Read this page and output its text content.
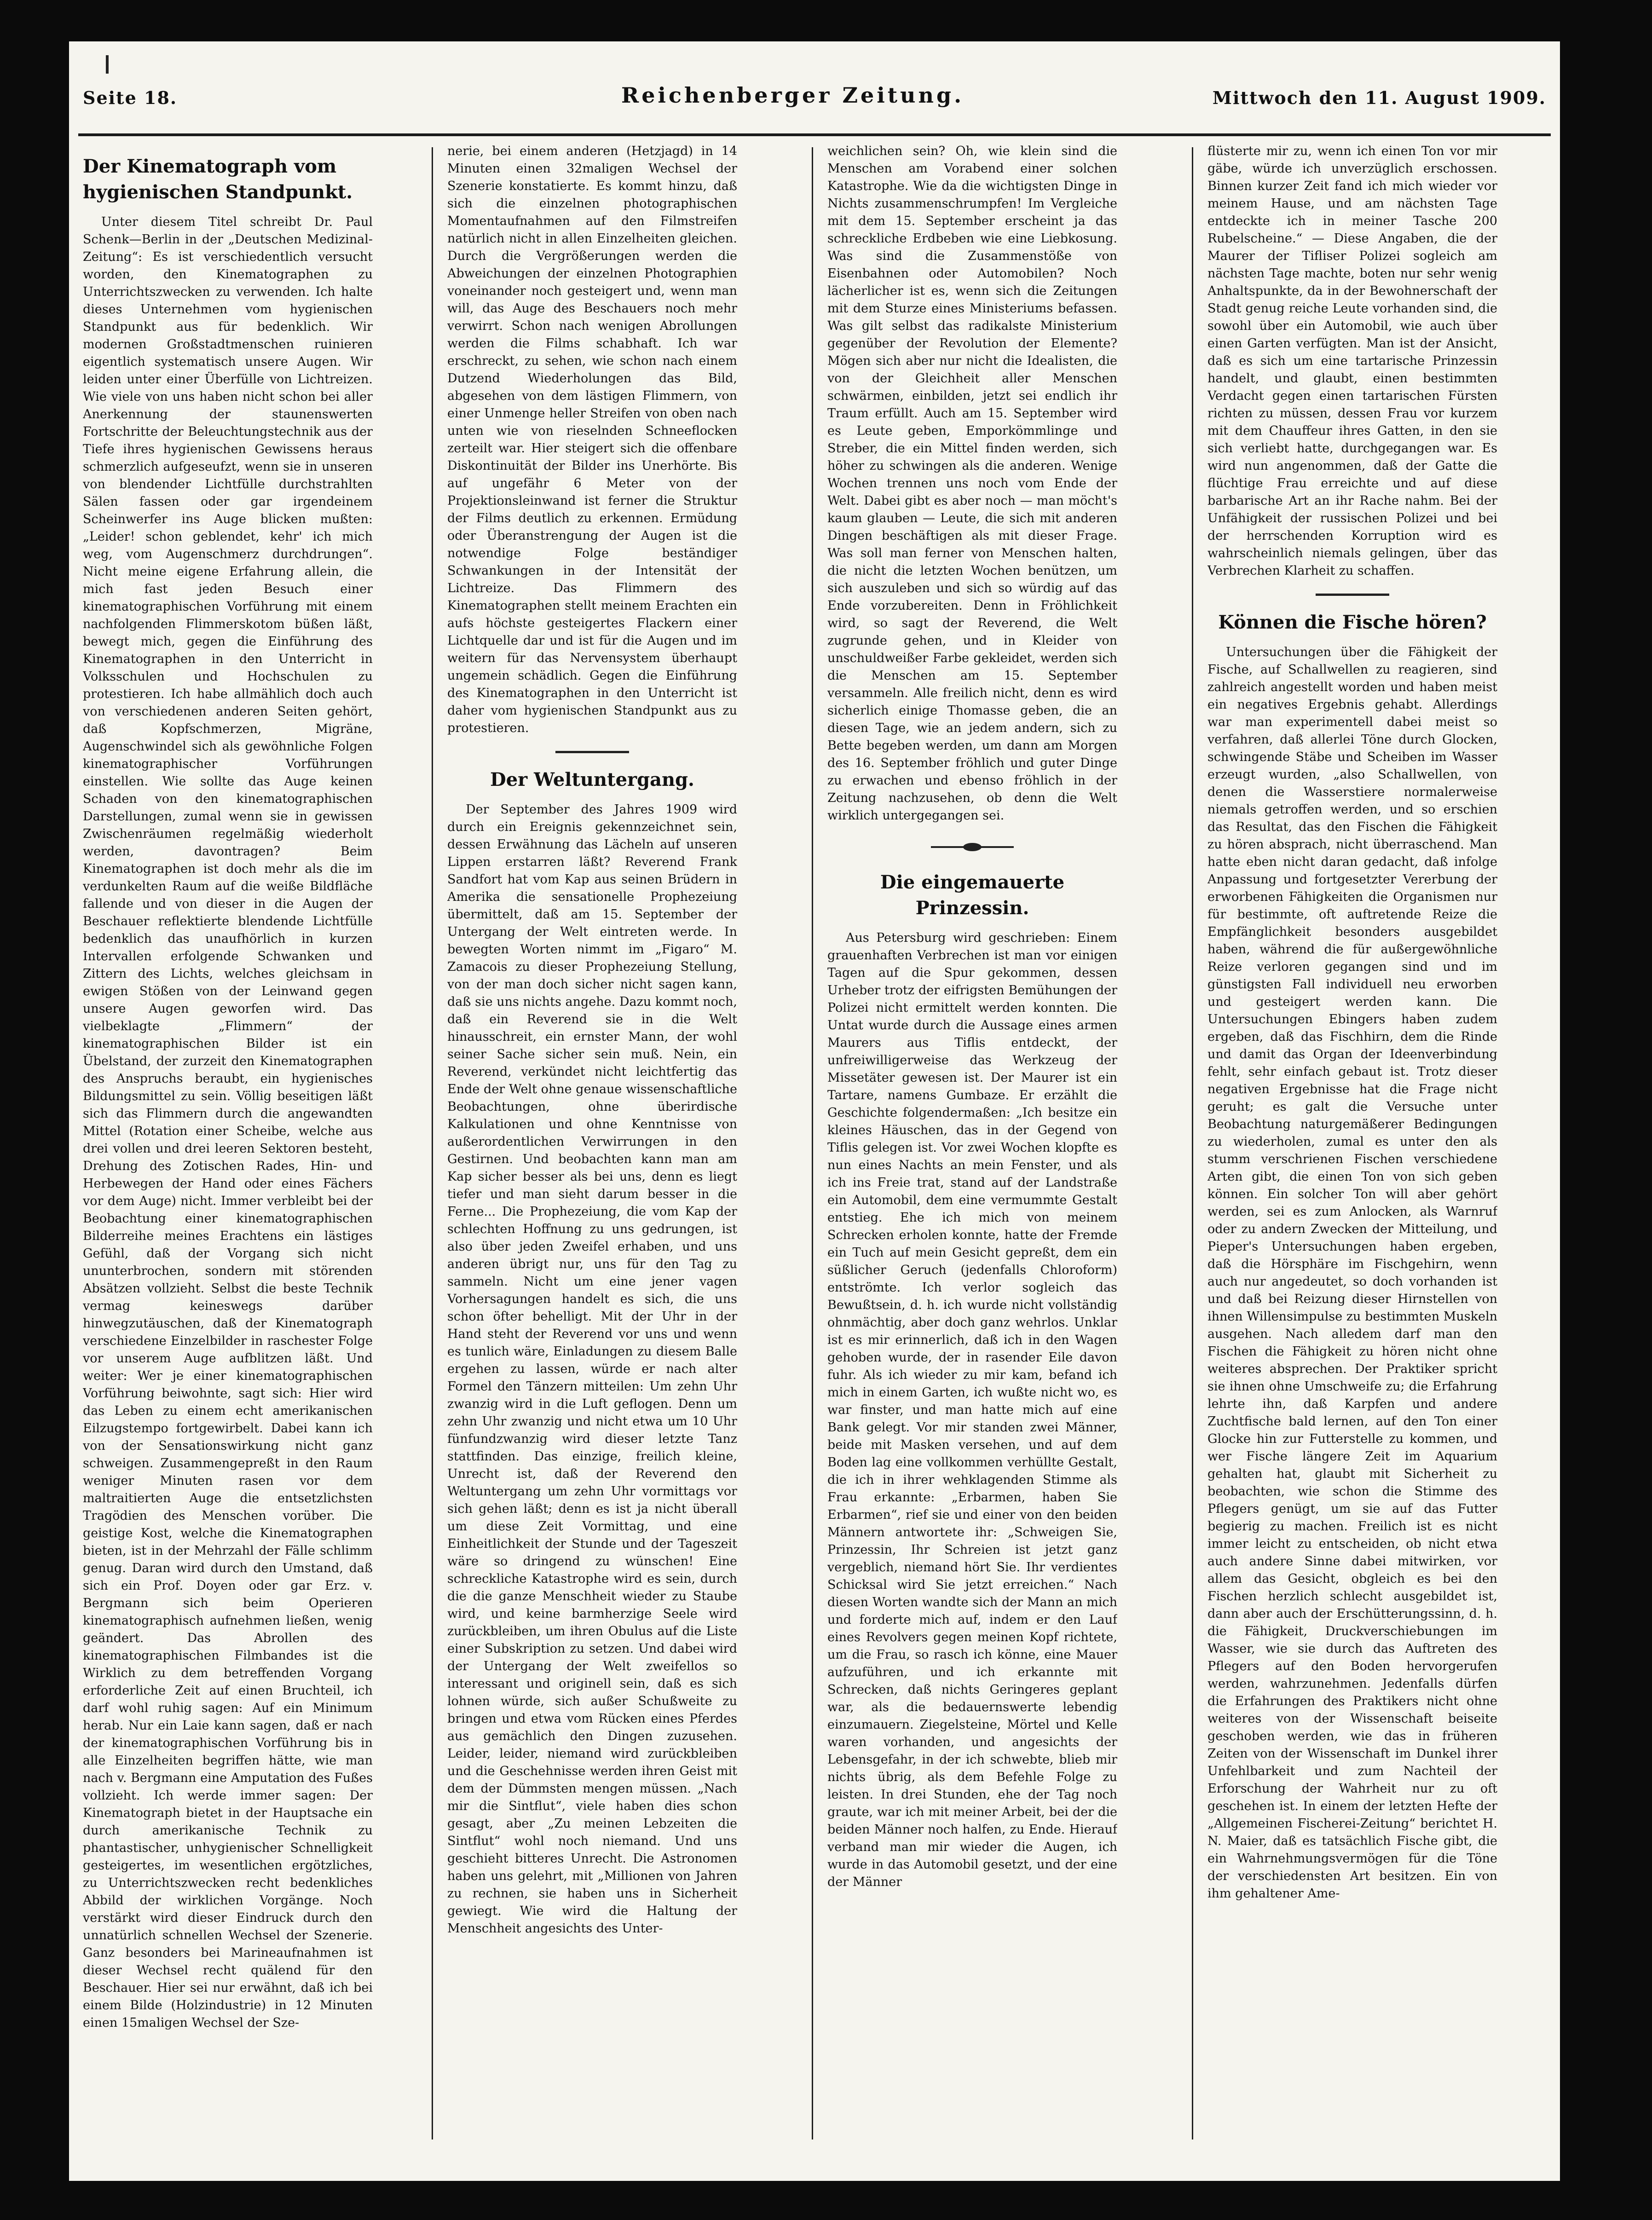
Seite 18.	Reichenberger Zeitung.	Mittwoch den 11. August 1909.
Der Kinematograph vom hygienischen Standpunkt.

Unter diesem Titel schreibt Dr. Paul Schenk—Berlin in der „Deutschen Medizinal-Zeitung“: Es ist verschiedentlich versucht worden, den Kinematographen zu Unterrichtszwecken zu verwenden. Ich halte dieses Unternehmen vom hygienischen Standpunkt aus für bedenklich. Wir modernen Großstadtmenschen ruinieren eigentlich systematisch unsere Augen. Wir leiden unter einer Überfülle von Lichtreizen. Wie viele von uns haben nicht schon bei aller Anerkennung der staunenswerten Fortschritte der Beleuchtungstechnik aus der Tiefe ihres hygienischen Gewissens heraus schmerzlich aufgeseufzt, wenn sie in unseren von blendender Lichtfülle durchstrahlten Sälen fassen oder gar irgendeinem Scheinwerfer ins Auge blicken mußten: „Leider! schon geblendet, kehr' ich mich weg, vom Augenschmerz durchdrungen“. Nicht meine eigene Erfahrung allein, die mich fast jeden Besuch einer kinematographischen Vorführung mit einem nachfolgenden Flimmerskotom büßen läßt, bewegt mich, gegen die Einführung des Kinematographen in den Unterricht in Volksschulen und Hochschulen zu protestieren. Ich habe allmählich doch auch von verschiedenen anderen Seiten gehört, daß Kopfschmerzen, Migräne, Augenschwindel sich als gewöhnliche Folgen kinematographischer Vorführungen einstellen. Wie sollte das Auge keinen Schaden von den kinematographischen Darstellungen, zumal wenn sie in gewissen Zwischenräumen regelmäßig wiederholt werden, davontragen? Beim Kinematographen ist doch mehr als die im verdunkelten Raum auf die weiße Bildfläche fallende und von dieser in die Augen der Beschauer reflektierte blendende Lichtfülle bedenklich das unaufhörlich in kurzen Intervallen erfolgende Schwanken und Zittern des Lichts, welches gleichsam in ewigen Stößen von der Leinwand gegen unsere Augen geworfen wird. Das vielbeklagte „Flimmern“ der kinematographischen Bilder ist ein Übelstand, der zurzeit den Kinematographen des Anspruchs beraubt, ein hygienisches Bildungsmittel zu sein. Völlig beseitigen läßt sich das Flimmern durch die angewandten Mittel (Rotation einer Scheibe, welche aus drei vollen und drei leeren Sektoren besteht, Drehung des Zotischen Rades, Hin- und Herbewegen der Hand oder eines Fächers vor dem Auge) nicht. Immer verbleibt bei der Beobachtung einer kinematographischen Bilderreihe meines Erachtens ein lästiges Gefühl, daß der Vorgang sich nicht ununterbrochen, sondern mit störenden Absätzen vollzieht. Selbst die beste Technik vermag keineswegs darüber hinwegzutäuschen, daß der Kinematograph verschiedene Einzelbilder in raschester Folge vor unserem Auge aufblitzen läßt. Und weiter: Wer je einer kinematographischen Vorführung beiwohnte, sagt sich: Hier wird das Leben zu einem echt amerikanischen Eilzugstempo fortgewirbelt. Dabei kann ich von der Sensationswirkung nicht ganz schweigen. Zusammengepreßt in den Raum weniger Minuten rasen vor dem maltraitierten Auge die entsetzlichsten Tragödien des Menschen vorüber. Die geistige Kost, welche die Kinematographen bieten, ist in der Mehrzahl der Fälle schlimm genug. Daran wird durch den Umstand, daß sich ein Prof. Doyen oder gar Erz. v. Bergmann sich beim Operieren kinematographisch aufnehmen ließen, wenig geändert. Das Abrollen des kinematographischen Filmbandes ist die Wirklich zu dem betreffenden Vorgang erforderliche Zeit auf einen Bruchteil, ich darf wohl ruhig sagen: Auf ein Minimum herab. Nur ein Laie kann sagen, daß er nach der kinematographischen Vorführung bis in alle Einzelheiten begriffen hätte, wie man nach v. Bergmann eine Amputation des Fußes vollzieht. Ich werde immer sagen: Der Kinematograph bietet in der Hauptsache ein durch amerikanische Technik zu phantastischer, unhygienischer Schnelligkeit gesteigertes, im wesentlichen ergötzliches, zu Unterrichtszwecken recht bedenkliches Abbild der wirklichen Vorgänge. Noch verstärkt wird dieser Eindruck durch den unnatürlich schnellen Wechsel der Szenerie. Ganz besonders bei Marineaufnahmen ist dieser Wechsel recht quälend für den Beschauer. Hier sei nur erwähnt, daß ich bei einem Bilde (Holzindustrie) in 12 Minuten einen 15maligen Wechsel der Sze-

nerie, bei einem anderen (Hetzjagd) in 14 Minuten einen 32maligen Wechsel der Szenerie konstatierte. Es kommt hinzu, daß sich die einzelnen photographischen Momentaufnahmen auf den Filmstreifen natürlich nicht in allen Einzelheiten gleichen. Durch die Vergrößerungen werden die Abweichungen der einzelnen Photographien voneinander noch gesteigert und, wenn man will, das Auge des Beschauers noch mehr verwirrt. Schon nach wenigen Abrollungen werden die Films schabhaft. Ich war erschreckt, zu sehen, wie schon nach einem Dutzend Wiederholungen das Bild, abgesehen von dem lästigen Flimmern, von einer Unmenge heller Streifen von oben nach unten wie von rieselnden Schneeflocken zerteilt war. Hier steigert sich die offenbare Diskontinuität der Bilder ins Unerhörte. Bis auf ungefähr 6 Meter von der Projektionsleinwand ist ferner die Struktur der Films deutlich zu erkennen. Ermüdung oder Überanstrengung der Augen ist die notwendige Folge beständiger Schwankungen in der Intensität der Lichtreize. Das Flimmern des Kinematographen stellt meinem Erachten ein aufs höchste gesteigertes Flackern einer Lichtquelle dar und ist für die Augen und im weitern für das Nervensystem überhaupt ungemein schädlich. Gegen die Einführung des Kinematographen in den Unterricht ist daher vom hygienischen Standpunkt aus zu protestieren.

Der Weltuntergang.

Der September des Jahres 1909 wird durch ein Ereignis gekennzeichnet sein, dessen Erwähnung das Lächeln auf unseren Lippen erstarren läßt? Reverend Frank Sandfort hat vom Kap aus seinen Brüdern in Amerika die sensationelle Prophezeiung übermittelt, daß am 15. September der Untergang der Welt eintreten werde. In bewegten Worten nimmt im „Figaro“ M. Zamacois zu dieser Prophezeiung Stellung, von der man doch sicher nicht sagen kann, daß sie uns nichts angehe. Dazu kommt noch, daß ein Reverend sie in die Welt hinausschreit, ein ernster Mann, der wohl seiner Sache sicher sein muß. Nein, ein Reverend, verkündet nicht leichtfertig das Ende der Welt ohne genaue wissenschaftliche Beobachtungen, ohne überirdische Kalkulationen und ohne Kenntnisse von außerordentlichen Verwirrungen in den Gestirnen. Und beobachten kann man am Kap sicher besser als bei uns, denn es liegt tiefer und man sieht darum besser in die Ferne... Die Prophezeiung, die vom Kap der schlechten Hoffnung zu uns gedrungen, ist also über jeden Zweifel erhaben, und uns anderen übrigt nur, uns für den Tag zu sammeln. Nicht um eine jener vagen Vorhersagungen handelt es sich, die uns schon öfter behelligt. Mit der Uhr in der Hand steht der Reverend vor uns und wenn es tunlich wäre, Einladungen zu diesem Balle ergehen zu lassen, würde er nach alter Formel den Tänzern mitteilen: Um zehn Uhr zwanzig wird in die Luft geflogen. Denn um zehn Uhr zwanzig und nicht etwa um 10 Uhr fünfundzwanzig wird dieser letzte Tanz stattfinden. Das einzige, freilich kleine, Unrecht ist, daß der Reverend den Weltuntergang um zehn Uhr vormittags vor sich gehen läßt; denn es ist ja nicht überall um diese Zeit Vormittag, und eine Einheitlichkeit der Stunde und der Tageszeit wäre so dringend zu wünschen! Eine schreckliche Katastrophe wird es sein, durch die die ganze Menschheit wieder zu Staube wird, und keine barmherzige Seele wird zurückbleiben, um ihren Obulus auf die Liste einer Subskription zu setzen. Und dabei wird der Untergang der Welt zweifellos so interessant und originell sein, daß es sich lohnen würde, sich außer Schußweite zu bringen und etwa vom Rücken eines Pferdes aus gemächlich den Dingen zuzusehen. Leider, leider, niemand wird zurückbleiben und die Geschehnisse werden ihren Geist mit dem der Dümmsten mengen müssen. „Nach mir die Sintflut“, viele haben dies schon gesagt, aber „Zu meinen Lebzeiten die Sintflut“ wohl noch niemand. Und uns geschieht bitteres Unrecht. Die Astronomen haben uns gelehrt, mit „Millionen von Jahren zu rechnen, sie haben uns in Sicherheit gewiegt. Wie wird die Haltung der Menschheit angesichts des Unter-

weichlichen sein? Oh, wie klein sind die Menschen am Vorabend einer solchen Katastrophe. Wie da die wichtigsten Dinge in Nichts zusammenschrumpfen! Im Vergleiche mit dem 15. September erscheint ja das schreckliche Erdbeben wie eine Liebkosung. Was sind die Zusammenstöße von Eisenbahnen oder Automobilen? Noch lächerlicher ist es, wenn sich die Zeitungen mit dem Sturze eines Ministeriums befassen. Was gilt selbst das radikalste Ministerium gegenüber der Revolution der Elemente? Mögen sich aber nur nicht die Idealisten, die von der Gleichheit aller Menschen schwärmen, einbilden, jetzt sei endlich ihr Traum erfüllt. Auch am 15. September wird es Leute geben, Emporkömmlinge und Streber, die ein Mittel finden werden, sich höher zu schwingen als die anderen. Wenige Wochen trennen uns noch vom Ende der Welt. Dabei gibt es aber noch — man möcht's kaum glauben — Leute, die sich mit anderen Dingen beschäftigen als mit dieser Frage. Was soll man ferner von Menschen halten, die nicht die letzten Wochen benützen, um sich auszuleben und sich so würdig auf das Ende vorzubereiten. Denn in Fröhlichkeit wird, so sagt der Reverend, die Welt zugrunde gehen, und in Kleider von unschuldweißer Farbe gekleidet, werden sich die Menschen am 15. September versammeln. Alle freilich nicht, denn es wird sicherlich einige Thomasse geben, die an diesen Tage, wie an jedem andern, sich zu Bette begeben werden, um dann am Morgen des 16. September fröhlich und guter Dinge zu erwachen und ebenso fröhlich in der Zeitung nachzusehen, ob denn die Welt wirklich untergegangen sei.

Die eingemauerte Prinzessin.

Aus Petersburg wird geschrieben: Einem grauenhaften Verbrechen ist man vor einigen Tagen auf die Spur gekommen, dessen Urheber trotz der eifrigsten Bemühungen der Polizei nicht ermittelt werden konnten. Die Untat wurde durch die Aussage eines armen Maurers aus Tiflis entdeckt, der unfreiwilligerweise das Werkzeug der Missetäter gewesen ist. Der Maurer ist ein Tartare, namens Gumbaze. Er erzählt die Geschichte folgendermaßen: „Ich besitze ein kleines Häuschen, das in der Gegend von Tiflis gelegen ist. Vor zwei Wochen klopfte es nun eines Nachts an mein Fenster, und als ich ins Freie trat, stand auf der Landstraße ein Automobil, dem eine vermummte Gestalt entstieg. Ehe ich mich von meinem Schrecken erholen konnte, hatte der Fremde ein Tuch auf mein Gesicht gepreßt, dem ein süßlicher Geruch (jedenfalls Chloroform) entströmte. Ich verlor sogleich das Bewußtsein, d. h. ich wurde nicht vollständig ohnmächtig, aber doch ganz wehrlos. Unklar ist es mir erinnerlich, daß ich in den Wagen gehoben wurde, der in rasender Eile davon fuhr. Als ich wieder zu mir kam, befand ich mich in einem Garten, ich wußte nicht wo, es war finster, und man hatte mich auf eine Bank gelegt. Vor mir standen zwei Männer, beide mit Masken versehen, und auf dem Boden lag eine vollkommen verhüllte Gestalt, die ich in ihrer wehklagenden Stimme als Frau erkannte: „Erbarmen, haben Sie Erbarmen“, rief sie und einer von den beiden Männern antwortete ihr: „Schweigen Sie, Prinzessin, Ihr Schreien ist jetzt ganz vergeblich, niemand hört Sie. Ihr verdientes Schicksal wird Sie jetzt erreichen.“ Nach diesen Worten wandte sich der Mann an mich und forderte mich auf, indem er den Lauf eines Revolvers gegen meinen Kopf richtete, um die Frau, so rasch ich könne, eine Mauer aufzuführen, und ich erkannte mit Schrecken, daß nichts Geringeres geplant war, als die bedauernswerte lebendig einzumauern. Ziegelsteine, Mörtel und Kelle waren vorhanden, und angesichts der Lebensgefahr, in der ich schwebte, blieb mir nichts übrig, als dem Befehle Folge zu leisten. In drei Stunden, ehe der Tag noch graute, war ich mit meiner Arbeit, bei der die beiden Männer noch halfen, zu Ende. Hierauf verband man mir wieder die Augen, ich wurde in das Automobil gesetzt, und der eine der Männer

flüsterte mir zu, wenn ich einen Ton vor mir gäbe, würde ich unverzüglich erschossen. Binnen kurzer Zeit fand ich mich wieder vor meinem Hause, und am nächsten Tage entdeckte ich in meiner Tasche 200 Rubelscheine.“ — Diese Angaben, die der Maurer der Tifliser Polizei sogleich am nächsten Tage machte, boten nur sehr wenig Anhaltspunkte, da in der Bewohnerschaft der Stadt genug reiche Leute vorhanden sind, die sowohl über ein Automobil, wie auch über einen Garten verfügten. Man ist der Ansicht, daß es sich um eine tartarische Prinzessin handelt, und glaubt, einen bestimmten Verdacht gegen einen tartarischen Fürsten richten zu müssen, dessen Frau vor kurzem mit dem Chauffeur ihres Gatten, in den sie sich verliebt hatte, durchgegangen war. Es wird nun angenommen, daß der Gatte die flüchtige Frau erreichte und auf diese barbarische Art an ihr Rache nahm. Bei der Unfähigkeit der russischen Polizei und bei der herrschenden Korruption wird es wahrscheinlich niemals gelingen, über das Verbrechen Klarheit zu schaffen.

Können die Fische hören?

Untersuchungen über die Fähigkeit der Fische, auf Schallwellen zu reagieren, sind zahlreich angestellt worden und haben meist ein negatives Ergebnis gehabt. Allerdings war man experimentell dabei meist so verfahren, daß allerlei Töne durch Glocken, schwingende Stäbe und Scheiben im Wasser erzeugt wurden, „also Schallwellen, von denen die Wasserstiere normalerweise niemals getroffen werden, und so erschien das Resultat, das den Fischen die Fähigkeit zu hören absprach, nicht überraschend. Man hatte eben nicht daran gedacht, daß infolge Anpassung und fortgesetzter Vererbung der erworbenen Fähigkeiten die Organismen nur für bestimmte, oft auftretende Reize die Empfänglichkeit besonders ausgebildet haben, während die für außergewöhnliche Reize verloren gegangen sind und im günstigsten Fall individuell neu erworben und gesteigert werden kann. Die Untersuchungen Ebingers haben zudem ergeben, daß das Fischhirn, dem die Rinde und damit das Organ der Ideenverbindung fehlt, sehr einfach gebaut ist. Trotz dieser negativen Ergebnisse hat die Frage nicht geruht; es galt die Versuche unter Beobachtung naturgemäßerer Bedingungen zu wiederholen, zumal es unter den als stumm verschrienen Fischen verschiedene Arten gibt, die einen Ton von sich geben können. Ein solcher Ton will aber gehört werden, sei es zum Anlocken, als Warnruf oder zu andern Zwecken der Mitteilung, und Pieper's Untersuchungen haben ergeben, daß die Hörsphäre im Fischgehirn, wenn auch nur angedeutet, so doch vorhanden ist und daß bei Reizung dieser Hirnstellen von ihnen Willensimpulse zu bestimmten Muskeln ausgehen. Nach alledem darf man den Fischen die Fähigkeit zu hören nicht ohne weiteres absprechen. Der Praktiker spricht sie ihnen ohne Umschweife zu; die Erfahrung lehrte ihn, daß Karpfen und andere Zuchtfische bald lernen, auf den Ton einer Glocke hin zur Futterstelle zu kommen, und wer Fische längere Zeit im Aquarium gehalten hat, glaubt mit Sicherheit zu beobachten, wie schon die Stimme des Pflegers genügt, um sie auf das Futter begierig zu machen. Freilich ist es nicht immer leicht zu entscheiden, ob nicht etwa auch andere Sinne dabei mitwirken, vor allem das Gesicht, obgleich es bei den Fischen herzlich schlecht ausgebildet ist, dann aber auch der Erschütterungssinn, d. h. die Fähigkeit, Druckverschiebungen im Wasser, wie sie durch das Auftreten des Pflegers auf den Boden hervorgerufen werden, wahrzunehmen. Jedenfalls dürfen die Erfahrungen des Praktikers nicht ohne weiteres von der Wissenschaft beiseite geschoben werden, wie das in früheren Zeiten von der Wissenschaft im Dunkel ihrer Unfehlbarkeit und zum Nachteil der Erforschung der Wahrheit nur zu oft geschehen ist. In einem der letzten Hefte der „Allgemeinen Fischerei-Zeitung“ berichtet H. N. Maier, daß es tatsächlich Fische gibt, die ein Wahrnehmungsvermögen für die Töne der verschiedensten Art besitzen. Ein von ihm gehaltener Ame-
